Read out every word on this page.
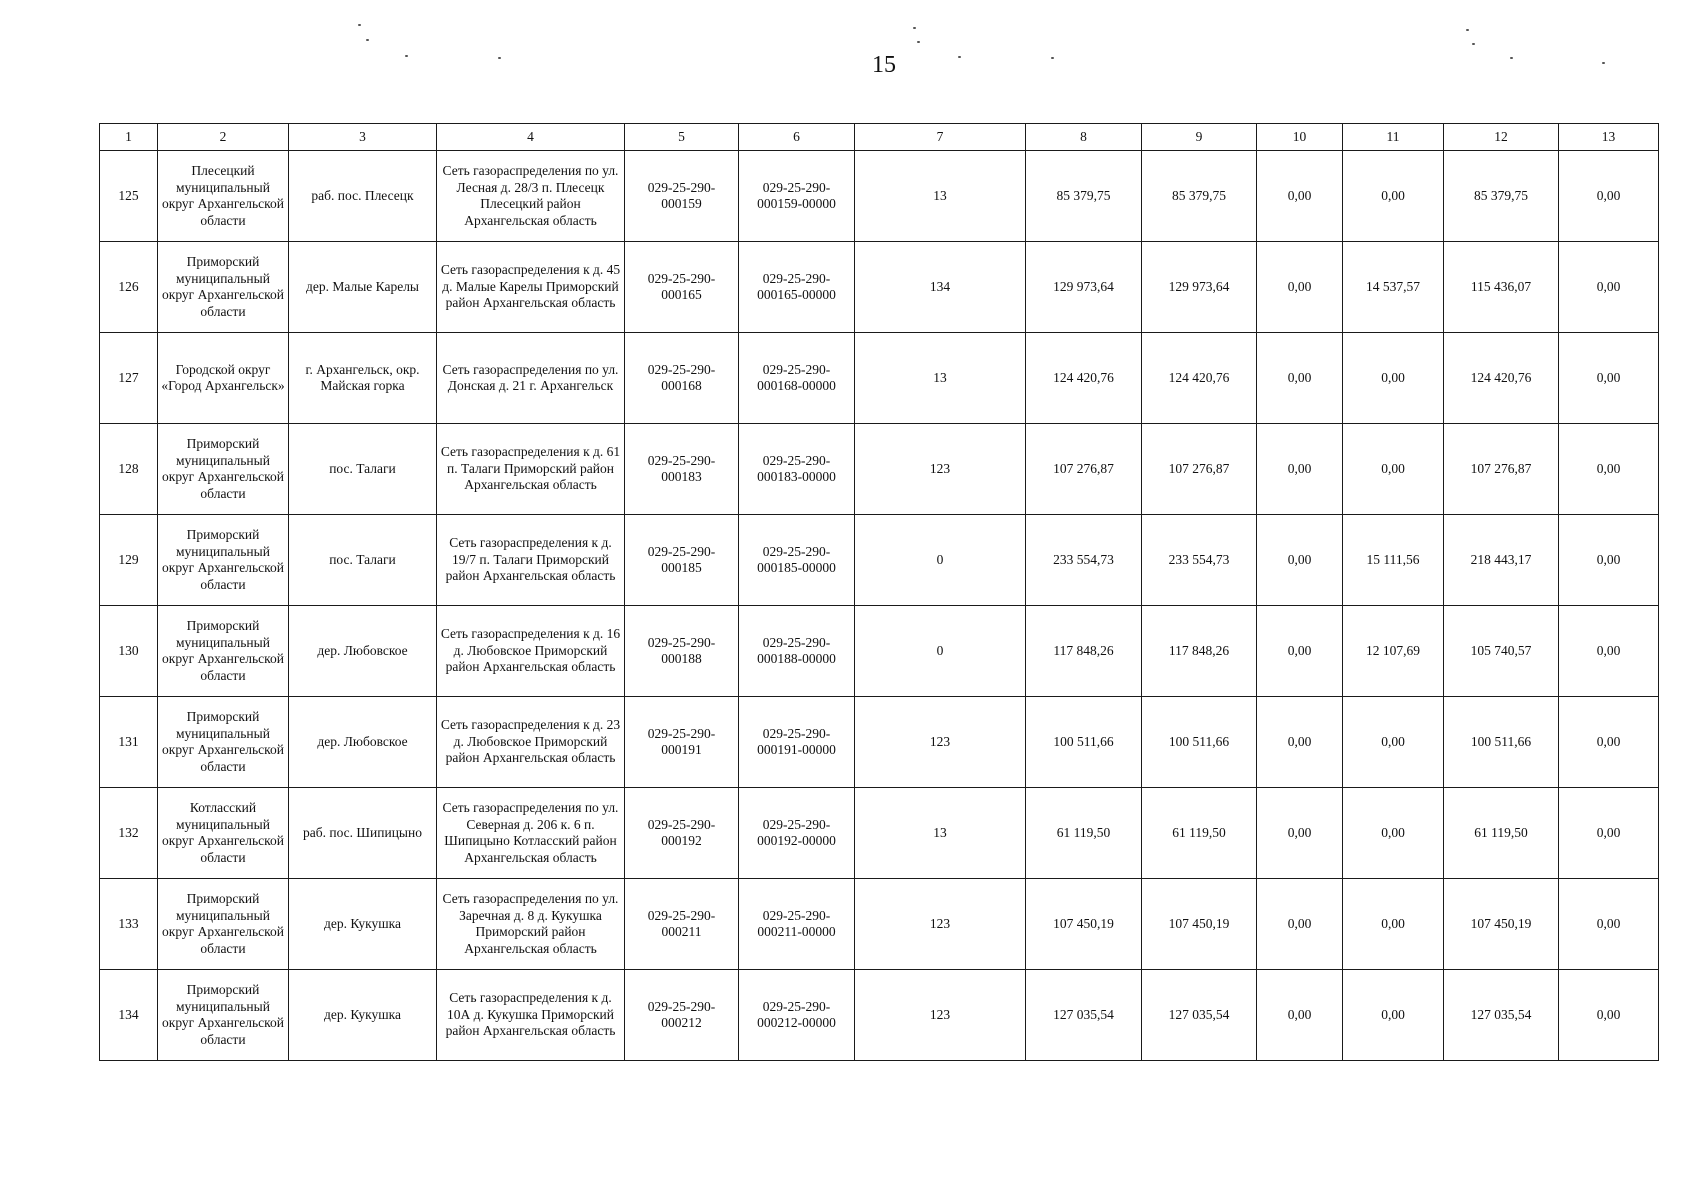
15
1	2	3	4	5	6	7	8	9	10	11	12	13
125	Плесецкий муниципальный округ Архангельской области	раб. пос. Плесецк	Сеть газораспределения по ул. Лесная д. 28/3 п. Плесецк Плесецкий район Архангельская область	029-25-290-000159	029-25-290-000159-00000	13	85 379,75	85 379,75	0,00	0,00	85 379,75	0,00
126	Приморский муниципальный округ Архангельской области	дер. Малые Карелы	Сеть газораспределения к д. 45 д. Малые Карелы Приморский район Архангельская область	029-25-290-000165	029-25-290-000165-00000	134	129 973,64	129 973,64	0,00	14 537,57	115 436,07	0,00
127	Городской округ «Город Архангельск»	г. Архангельск, окр. Майская горка	Сеть газораспределения по ул. Донская д. 21 г. Архангельск	029-25-290-000168	029-25-290-000168-00000	13	124 420,76	124 420,76	0,00	0,00	124 420,76	0,00
128	Приморский муниципальный округ Архангельской области	пос. Талаги	Сеть газораспределения к д. 61 п. Талаги Приморский район Архангельская область	029-25-290-000183	029-25-290-000183-00000	123	107 276,87	107 276,87	0,00	0,00	107 276,87	0,00
129	Приморский муниципальный округ Архангельской области	пос. Талаги	Сеть газораспределения к д. 19/7 п. Талаги Приморский район Архангельская область	029-25-290-000185	029-25-290-000185-00000	0	233 554,73	233 554,73	0,00	15 111,56	218 443,17	0,00
130	Приморский муниципальный округ Архангельской области	дер. Любовское	Сеть газораспределения к д. 16 д. Любовское Приморский район Архангельская область	029-25-290-000188	029-25-290-000188-00000	0	117 848,26	117 848,26	0,00	12 107,69	105 740,57	0,00
131	Приморский муниципальный округ Архангельской области	дер. Любовское	Сеть газораспределения к д. 23 д. Любовское Приморский район Архангельская область	029-25-290-000191	029-25-290-000191-00000	123	100 511,66	100 511,66	0,00	0,00	100 511,66	0,00
132	Котласский муниципальный округ Архангельской области	раб. пос. Шипицыно	Сеть газораспределения по ул. Северная д. 206 к. 6 п. Шипицыно Котласский район Архангельская область	029-25-290-000192	029-25-290-000192-00000	13	61 119,50	61 119,50	0,00	0,00	61 119,50	0,00
133	Приморский муниципальный округ Архангельской области	дер. Кукушка	Сеть газораспределения по ул. Заречная д. 8 д. Кукушка Приморский район Архангельская область	029-25-290-000211	029-25-290-000211-00000	123	107 450,19	107 450,19	0,00	0,00	107 450,19	0,00
134	Приморский муниципальный округ Архангельской области	дер. Кукушка	Сеть газораспределения к д. 10А д. Кукушка Приморский район Архангельская область	029-25-290-000212	029-25-290-000212-00000	123	127 035,54	127 035,54	0,00	0,00	127 035,54	0,00
